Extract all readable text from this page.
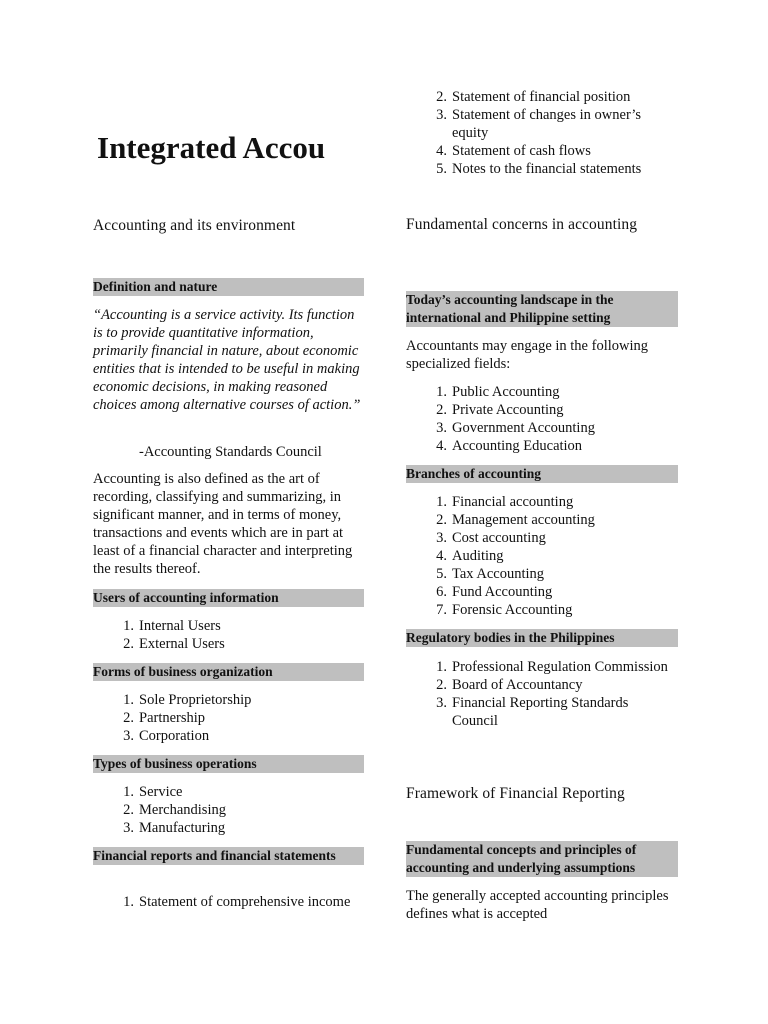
Integrated Accou
Accounting and its environment
Definition and nature

“Accounting is a service activity. Its function is to provide quantitative information, primarily financial in nature, about economic entities that is intended to be useful in making economic decisions, in making reasoned choices among alternative courses of action.”

-Accounting Standards Council

Accounting is also defined as the art of recording, classifying and summarizing, in significant manner, and in terms of money, transactions and events which are in part at least of a financial character and interpreting the results thereof.

Users of accounting information
1. Internal Users
2. External Users
Forms of business organization
1. Sole Proprietorship
2. Partnership
3. Corporation
Types of business operations
1. Service
2. Merchandising
3. Manufacturing
Financial reports and financial statements
1. Statement of comprehensive income
2. Statement of financial position
3. Statement of changes in owner’s equity
4. Statement of cash flows
5. Notes to the financial statements
Fundamental concerns in accounting
Today’s accounting landscape in the international and Philippine setting

Accountants may engage in the following specialized fields:

1. Public Accounting
2. Private Accounting
3. Government Accounting
4. Accounting Education
Branches of accounting
1. Financial accounting
2. Management accounting
3. Cost accounting
4. Auditing
5. Tax Accounting
6. Fund Accounting
7. Forensic Accounting
Regulatory bodies in the Philippines
1. Professional Regulation Commission
2. Board of Accountancy
3. Financial Reporting Standards Council
Framework of Financial Reporting
Fundamental concepts and principles of accounting and underlying assumptions

The generally accepted accounting principles defines what is accepted
